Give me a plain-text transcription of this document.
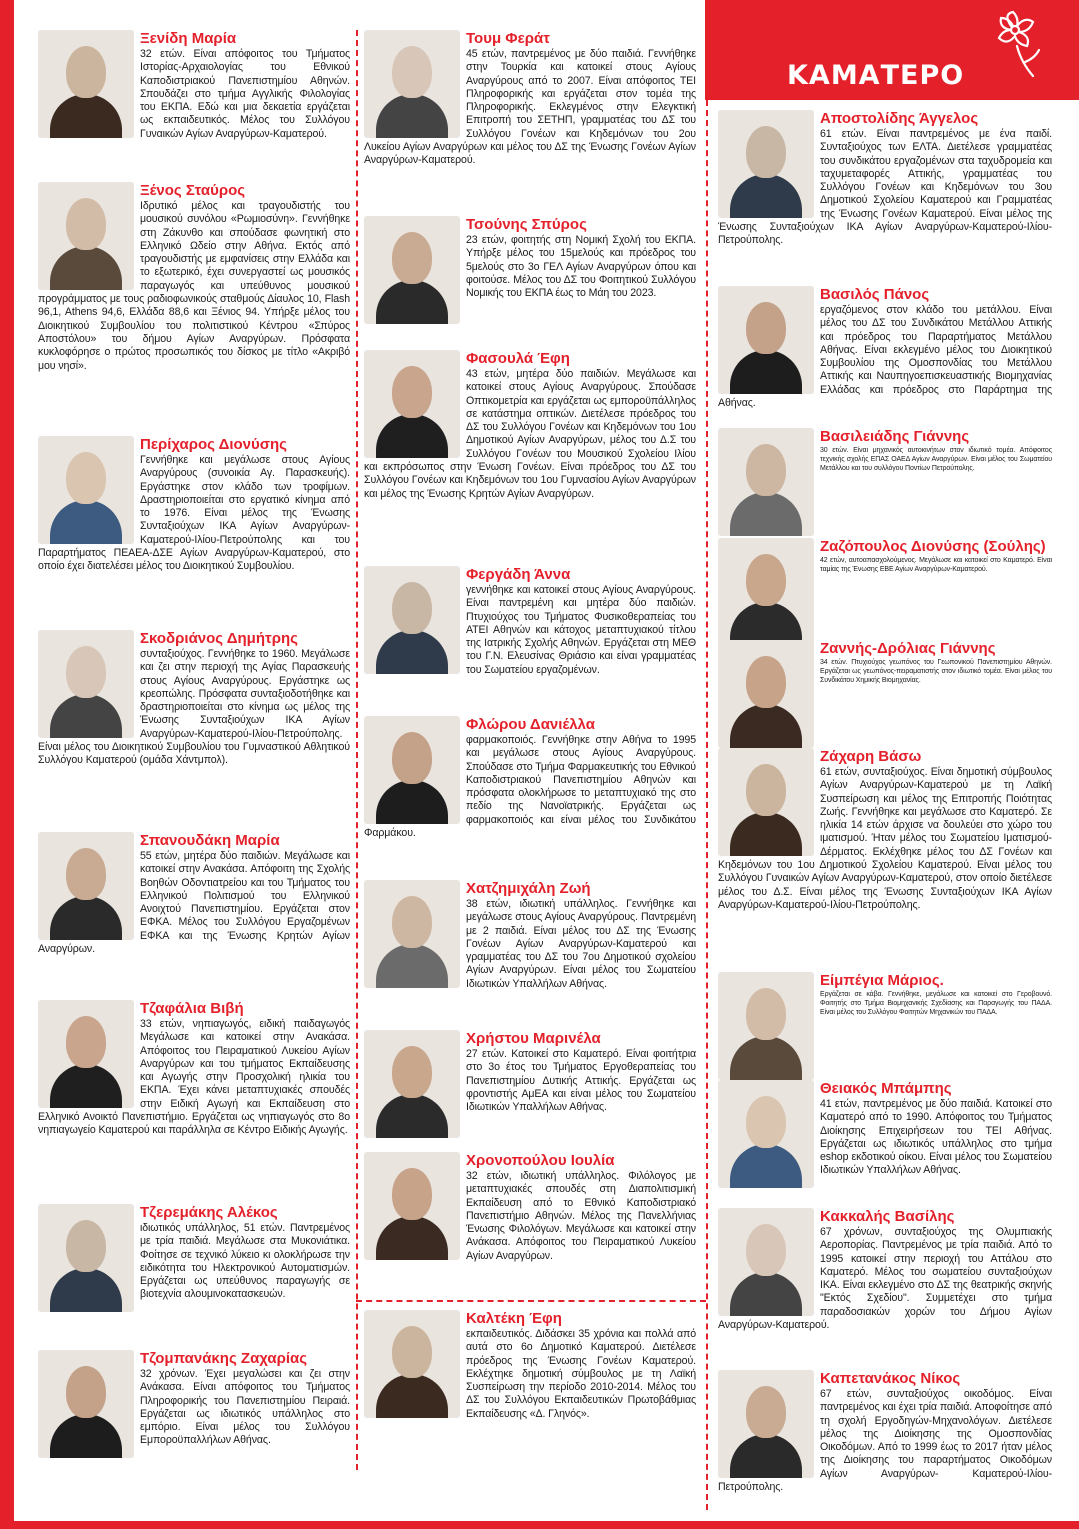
ΚΑΜΑΤΕΡΟ
Ξενίδη Μαρία
32 ετών. Είναι απόφοιτος του Τμήματος Ιστορίας-Αρχαιολογίας του Εθνικού Καποδιστριακού Πανεπιστημίου Αθηνών. Σπουδάζει στο τμήμα Αγγλικής Φιλολογίας του ΕΚΠΑ. Εδώ και μια δεκαετία εργάζεται ως εκπαιδευτικός. Μέλος του Συλλόγου Γυναικών Αγίων Αναργύρων-Καματερού.
Ξένος Σταύρος
Ιδρυτικό μέλος και τραγουδιστής του μουσικού συνόλου «Ρωμιοσύνη». Γεννήθηκε στη Ζάκυνθο και σπούδασε φωνητική στο Ελληνικό Ωδείο στην Αθήνα. Εκτός από τραγουδιστής με εμφανίσεις στην Ελλάδα και το εξωτερικό, έχει συνεργαστεί ως μουσικός παραγωγός και υπεύθυνος μουσικού προγράμματος με τους ραδιοφωνικούς σταθμούς Δίαυλος 10, Flash 96,1, Athens 94,6, Ελλάδα 88,6 και Ξένιος 94. Υπήρξε μέλος του Διοικητικού Συμβουλίου του πολιτιστικού Κέντρου «Σπύρος Αποστόλου» του δήμου Αγίων Αναργύρων. Πρόσφατα κυκλοφόρησε ο πρώτος προσωπικός του δίσκος με τίτλο «Ακριβό μου νησί».
Περίχαρος Διονύσης
Γεννήθηκε και μεγάλωσε στους Αγίους Αναργύρους (συνοικία Αγ. Παρασκευής). Εργάστηκε στον κλάδο των τροφίμων. Δραστηριοποιείται στο εργατικό κίνημα από το 1976. Είναι μέλος της Ένωσης Συνταξιούχων ΙΚΑ Αγίων Αναργύρων-Καματερού-Ιλίου-Πετρούπολης και του Παραρτήματος ΠΕΑΕΑ-ΔΣΕ Αγίων Αναργύρων-Καματερού, στο οποίο έχει διατελέσει μέλος του Διοικητικού Συμβουλίου.
Σκοδριάνος Δημήτρης
συνταξιούχος. Γεννήθηκε το 1960. Μεγάλωσε και ζει στην περιοχή της Αγίας Παρασκευής στους Αγίους Αναργύρους. Εργάστηκε ως κρεοπώλης. Πρόσφατα συνταξιοδοτήθηκε και δραστηριοποιείται στο κίνημα ως μέλος της Ένωσης Συνταξιούχων ΙΚΑ Αγίων Αναργύρων-Καματερού-Ιλίου-Πετρούπολης. Είναι μέλος του Διοικητικού Συμβουλίου του Γυμναστικού Αθλητικού Συλλόγου Καματερού (ομάδα Χάντμπολ).
Σπανουδάκη Μαρία
55 ετών, μητέρα δύο παιδιών. Μεγάλωσε και κατοικεί στην Ανακάσα. Απόφοιτη της Σχολής Βοηθών Οδοντιατρείου και του Τμήματος του Ελληνικού Πολιτισμού του Ελληνικού Ανοιχτού Πανεπιστημίου. Εργάζεται στον ΕΦΚΑ. Μέλος του Συλλόγου Εργαζομένων ΕΦΚΑ και της Ένωσης Κρητών Αγίων Αναργύρων.
Τζαφάλια Βιβή
33 ετών, νηπιαγωγός, ειδική παιδαγωγός Μεγάλωσε και κατοικεί στην Ανακάσα. Απόφοιτος του Πειραματικού Λυκείου Αγίων Αναργύρων και του τμήματος Εκπαίδευσης και Αγωγής στην Προσχολική ηλικία του ΕΚΠΑ. Έχει κάνει μεταπτυχιακές σπουδές στην Ειδική Αγωγή και Εκπαίδευση στο Ελληνικό Ανοικτό Πανεπιστήμιο. Εργάζεται ως νηπιαγωγός στο 8ο νηπιαγωγείο Καματερού και παράλληλα σε Κέντρο Ειδικής Αγωγής.
Τζερεμάκης Αλέκος
ιδιωτικός υπάλληλος, 51 ετών. Παντρεμένος με τρία παιδιά. Μεγάλωσε στα Μυκονιάτικα. Φοίτησε σε τεχνικό λύκειο κι ολοκλήρωσε την ειδικότητα του Ηλεκτρονικού Αυτοματισμών. Εργάζεται ως υπεύθυνος παραγωγής σε βιοτεχνία αλουμινοκατασκευών.
Τζομπανάκης Ζαχαρίας
32 χρόνων. Έχει μεγαλώσει και ζει στην Ανάκασα. Είναι απόφοιτος του Τμήματος Πληροφορικής του Πανεπιστημίου Πειραιά. Εργάζεται ως ιδιωτικός υπάλληλος στο εμπόριο. Είναι μέλος του Συλλόγου Εμποροϋπαλλήλων Αθήνας.
Τουμ Φεράτ
45 ετών, παντρεμένος με δύο παιδιά. Γεννήθηκε στην Τουρκία και κατοικεί στους Αγίους Αναργύρους από το 2007. Είναι απόφοιτος ΤΕΙ Πληροφορικής και εργάζεται στον τομέα της Πληροφορικής. Εκλεγμένος στην Ελεγκτική Επιτροπή του ΣΕΤΗΠ, γραμματέας του ΔΣ του Συλλόγου Γονέων και Κηδεμόνων του 2ου Λυκείου Αγίων Αναργύρων και μέλος του ΔΣ της Ένωσης Γονέων Αγίων Αναργύρων-Καματερού.
Τσούνης Σπύρος
23 ετών, φοιτητής στη Νομική Σχολή του ΕΚΠΑ. Υπήρξε μέλος του 15μελούς και πρόεδρος του 5μελούς στο 3ο ΓΕΛ Αγίων Αναργύρων όπου και φοιτούσε. Μέλος του ΔΣ του Φοιτητικού Συλλόγου Νομικής του ΕΚΠΑ έως το Μάη του 2023.
Φασουλά Έφη
43 ετών, μητέρα δύο παιδιών. Μεγάλωσε και κατοικεί στους Αγίους Αναργύρους. Σπούδασε Οπτικομετρία και εργάζεται ως εμποροϋπάλληλος σε κατάστημα οπτικών. Διετέλεσε πρόεδρος του ΔΣ του Συλλόγου Γονέων και Κηδεμόνων του 1ου Δημοτικού Αγίων Αναργύρων, μέλος του Δ.Σ του Συλλόγου Γονέων του Μουσικού Σχολείου Ιλίου και εκπρόσωπος στην Ένωση Γονέων. Είναι πρόεδρος του ΔΣ του Συλλόγου Γονέων και Κηδεμόνων του 1ου Γυμνασίου Αγίων Αναργύρων και μέλος της Ένωσης Κρητών Αγίων Αναργύρων.
Φεργάδη Άννα
γεννήθηκε και κατοικεί στους Αγίους Αναργύρους. Είναι παντρεμένη και μητέρα δύο παιδιών. Πτυχιούχος του Τμήματος Φυσικοθεραπείας του ΑΤΕΙ Αθηνών και κάτοχος μεταπτυχιακού τίτλου της Ιατρικής Σχολής Αθηνών. Εργάζεται στη ΜΕΘ του Γ.Ν. Ελευσίνας Θριάσιο και είναι γραμματέας του Σωματείου εργαζομένων.
Φλώρου Δανιέλλα
φαρμακοποιός. Γεννήθηκε στην Αθήνα το 1995 και μεγάλωσε στους Αγίους Αναργύρους. Σπούδασε στο Τμήμα Φαρμακευτικής του Εθνικού Καποδιστριακού Πανεπιστημίου Αθηνών και πρόσφατα ολοκλήρωσε το μεταπτυχιακό της στο πεδίο της Νανοϊατρικής. Εργάζεται ως φαρμακοποιός και είναι μέλος του Συνδικάτου Φαρμάκου.
Χατζημιχάλη Ζωή
38 ετών, ιδιωτική υπάλληλος. Γεννήθηκε και μεγάλωσε στους Αγίους Αναργύρους. Παντρεμένη με 2 παιδιά. Είναι μέλος του ΔΣ της Ένωσης Γονέων Αγίων Αναργύρων-Καματερού και γραμματέας του ΔΣ του 7ου Δημοτικού σχολείου Αγίων Αναργύρων. Είναι μέλος του Σωματείου Ιδιωτικών Υπαλλήλων Αθήνας.
Χρήστου Μαρινέλα
27 ετών. Κατοικεί στο Καματερό. Είναι φοιτήτρια στο 3ο έτος του Τμήματος Εργοθεραπείας του Πανεπιστημίου Δυτικής Αττικής. Εργάζεται ως φροντιστής ΑμΕΑ και είναι μέλος του Σωματείου Ιδιωτικών Υπαλλήλων Αθήνας.
Χρονοπούλου Ιουλία
32 ετών, ιδιωτική υπάλληλος. Φιλόλογος με μεταπτυχιακές σπουδές στη Διαπολιτισμική Εκπαίδευση από το Εθνικό Καποδιστριακό Πανεπιστήμιο Αθηνών. Μέλος της Πανελλήνιας Ένωσης Φιλολόγων. Μεγάλωσε και κατοικεί στην Ανάκασα. Απόφοιτος του Πειραματικού Λυκείου Αγίων Αναργύρων.
Καλτέκη Έφη
εκπαιδευτικός. Διδάσκει 35 χρόνια και πολλά από αυτά στο 6ο Δημοτικό Καματερού. Διετέλεσε πρόεδρος της Ένωσης Γονέων Καματερού. Εκλέχτηκε δημοτική σύμβουλος με τη Λαϊκή Συσπείρωση την περίοδο 2010-2014. Μέλος του ΔΣ του Συλλόγου Εκπαιδευτικών Πρωτοβάθμιας Εκπαίδευσης «Δ. Γληνός».
Αποστολίδης Άγγελος
61 ετών. Είναι παντρεμένος με ένα παιδί. Συνταξιούχος των ΕΛΤΑ. Διετέλεσε γραμματέας του συνδικάτου εργαζομένων στα ταχυδρομεία και ταχυμεταφορές Αττικής, γραμματέας του Συλλόγου Γονέων και Κηδεμόνων του 3ου Δημοτικού Σχολείου Καματερού και Γραμματέας της Ένωσης Γονέων Καματερού. Είναι μέλος της Ένωσης Συνταξιούχων ΙΚΑ Αγίων Αναργύρων-Καματερού-Ιλίου-Πετρούπολης.
Βασιλός Πάνος
εργαζόμενος στον κλάδο του μετάλλου. Είναι μέλος του ΔΣ του Συνδικάτου Μετάλλου Αττικής και πρόεδρος του Παραρτήματος Μετάλλου Αθήνας. Είναι εκλεγμένο μέλος του Διοικητικού Συμβουλίου της Ομοσπονδίας του Μετάλλου Αττικής και Ναυπηγοεπισκευαστικής Βιομηχανίας Ελλάδας και πρόεδρος στο Παράρτημα της Αθήνας.
Βασιλειάδης Γιάννης
30 ετών. Είναι μηχανικός αυτοκινήτων στον ιδιωτικό τομέα. Απόφοιτος τεχνικής σχολής ΕΠΑΣ ΟΑΕΔ Αγίων Αναργύρων. Είναι μέλος του Σωματείου Μετάλλου και του συλλόγου Ποντίων Πετρούπολης.
Ζαζόπουλος Διονύσης (Σούλης)
42 ετών, αυτοαπασχολούμενος. Μεγάλωσε και κατοικεί στο Καματερό. Είναι ταμίας της Ένωσης ΕΒΕ Αγίων Αναργύρων-Καματερού.
Ζαννής-Δρόλιας Γιάννης
34 ετών. Πτυχιούχος γεωπόνος του Γεωπονικού Πανεπιστημίου Αθηνών. Εργάζεται ως γεωπόνος-πειραματιστής στον ιδιωτικό τομέα. Είναι μέλος του Συνδικάτου Χημικής Βιομηχανίας.
Ζάχαρη Βάσω
61 ετών, συνταξιούχος. Είναι δημοτική σύμβουλος Αγίων Αναργύρων-Καματερού με τη Λαϊκή Συσπείρωση και μέλος της Επιτροπής Ποιότητας Ζωής. Γεννήθηκε και μεγάλωσε στο Καματερό. Σε ηλικία 14 ετών άρχισε να δουλεύει στο χώρο του ιματισμού. Ήταν μέλος του Σωματείου Ιματισμού-Δέρματος. Εκλέχθηκε μέλος του ΔΣ Γονέων και Κηδεμόνων του 1ου Δημοτικού Σχολείου Καματερού. Είναι μέλος του Συλλόγου Γυναικών Αγίων Αναργύρων-Καματερού, στον οποίο διετέλεσε μέλος του Δ.Σ. Είναι μέλος της Ένωσης Συνταξιούχων ΙΚΑ Αγίων Αναργύρων-Καματερού-Ιλίου-Πετρούπολης.
Είμπέγια Μάριος.
Εργάζεται σε κάβα. Γεννήθηκε, μεγάλωσε και κατοικεί στο Γεροβουνό. Φοιτητής στο Τμήμα Βιομηχανικής Σχεδίασης και Παραγωγής του ΠΑΔΑ. Είναι μέλος του Συλλόγου Φοιτητών Μηχανικών του ΠΑΔΑ.
Θειακός Μπάμπης
41 ετών, παντρεμένος με δύο παιδιά. Κατοικεί στο Καματερό από το 1990. Απόφοιτος του Τμήματος Διοίκησης Επιχειρήσεων του ΤΕΙ Αθήνας. Εργάζεται ως ιδιωτικός υπάλληλος στο τμήμα eshop εκδοτικού οίκου. Είναι μέλος του Σωματείου Ιδιωτικών Υπαλλήλων Αθήνας.
Κακκαλής Βασίλης
67 χρόνων, συνταξιούχος της Ολυμπιακής Αεροπορίας. Παντρεμένος με τρία παιδιά. Από το 1995 κατοικεί στην περιοχή του Αττάλου στο Καματερό. Μέλος του σωματείου συνταξιούχων ΙΚΑ. Είναι εκλεγμένο στο ΔΣ της θεατρικής σκηνής "Εκτός Σχεδίου". Συμμετέχει στο τμήμα παραδοσιακών χορών του Δήμου Αγίων Αναργύρων-Καματερού.
Καπετανάκος Νίκος
67 ετών, συνταξιούχος οικοδόμος. Είναι παντρεμένος και έχει τρία παιδιά. Αποφοίτησε από τη σχολή Εργοδηγών-Μηχανολόγων. Διετέλεσε μέλος της Διοίκησης της Ομοσπονδίας Οικοδόμων. Από το 1999 έως το 2017 ήταν μέλος της Διοίκησης του παραρτήματος Οικοδόμων Αγίων Αναργύρων- Καματερού-Ιλίου-Πετρούπολης.
